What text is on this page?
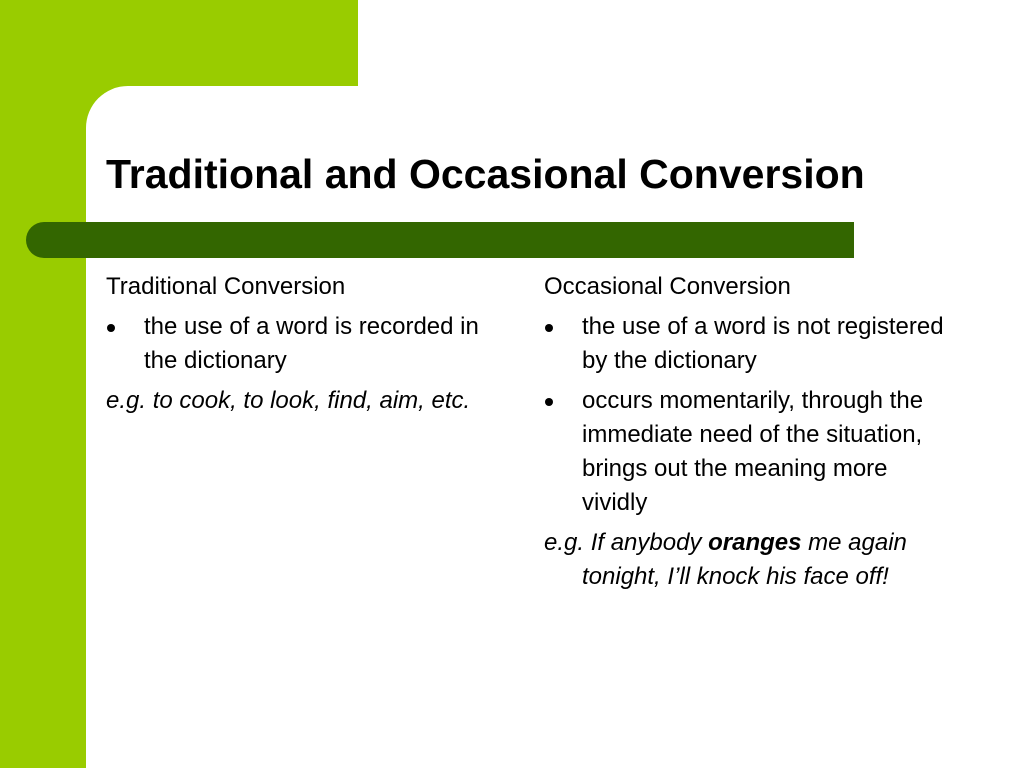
Traditional and Occasional Conversion
Traditional Conversion
the use of a word is recorded in the dictionary

e.g. to cook, to look, find, aim, etc.

Occasional Conversion
the use of a word is not registered by the dictionary
occurs momentarily, through the immediate need of the situation, brings out the meaning more vividly

e.g. If anybody oranges me again tonight, I’ll knock his face off!
